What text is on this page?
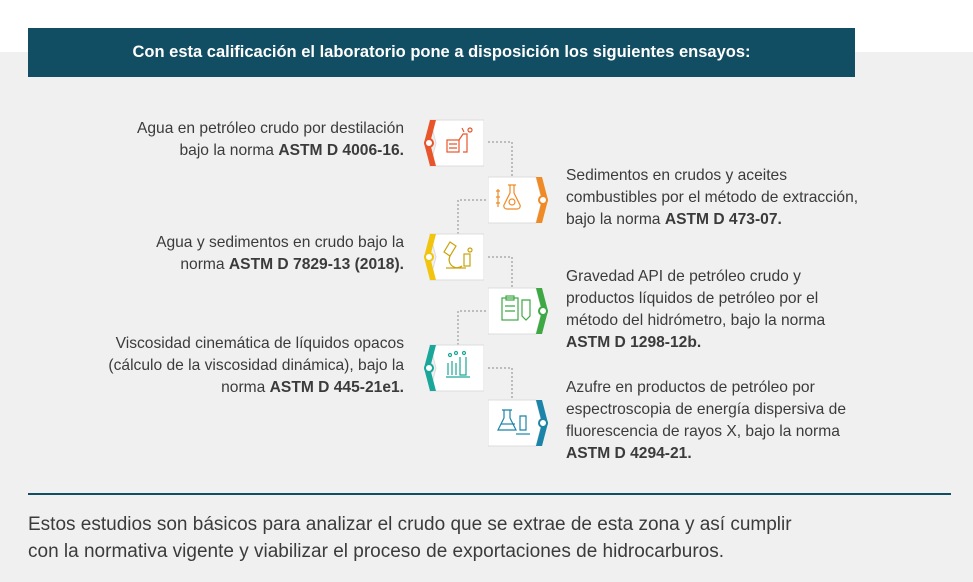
Con esta calificación el laboratorio pone a disposición los siguientes ensayos:
Agua en petróleo crudo por destilación
bajo la norma ASTM D 4006-16.
Sedimentos en crudos y aceites
combustibles por el método de extracción,
bajo la norma ASTM D 473-07.
Agua y sedimentos en crudo bajo la
norma ASTM D 7829-13 (2018).
Gravedad API de petróleo crudo y
productos líquidos de petróleo por el
método del hidrómetro, bajo la norma
ASTM D 1298-12b.
Viscosidad cinemática de líquidos opacos
(cálculo de la viscosidad dinámica), bajo la
norma ASTM D 445-21e1.	Azufre en productos de petróleo por
espectroscopia de energía dispersiva de
fluorescencia de rayos X, bajo la norma
ASTM D 4294-21.
Estos estudios son básicos para analizar el crudo que se extrae de esta zona y así cumplir
con la normativa vigente y viabilizar el proceso de exportaciones de hidrocarburos.
